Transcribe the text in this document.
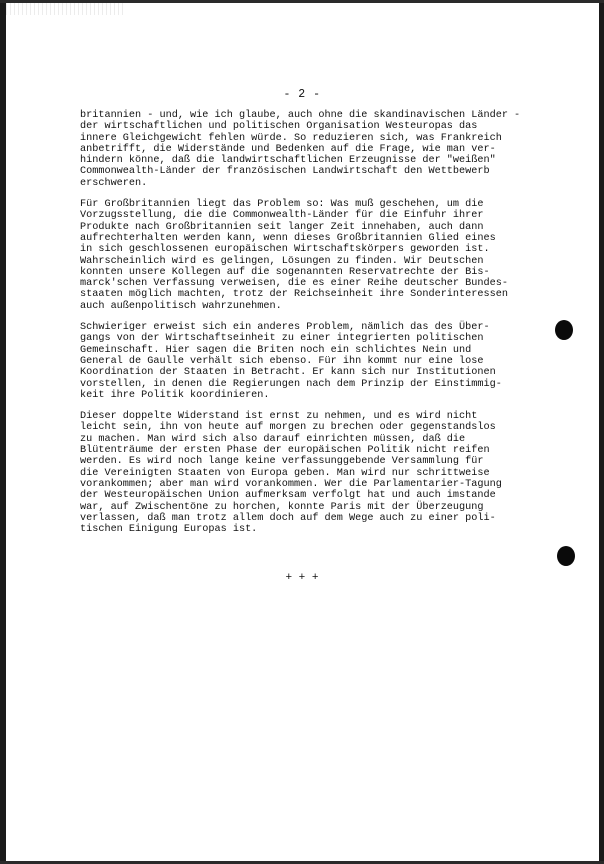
- 2 -
britannien - und, wie ich glaube, auch ohne die skandinavischen Länder -
der wirtschaftlichen und politischen Organisation Westeuropas das
innere Gleichgewicht fehlen würde. So reduzieren sich, was Frankreich
anbetrifft, die Widerstände und Bedenken auf die Frage, wie man ver-
hindern könne, daß die landwirtschaftlichen Erzeugnisse der "weißen"
Commonwealth-Länder der französischen Landwirtschaft den Wettbewerb
erschweren.
Für Großbritannien liegt das Problem so: Was muß geschehen, um die
Vorzugsstellung, die die Commonwealth-Länder für die Einfuhr ihrer
Produkte nach Großbritannien seit langer Zeit innehaben, auch dann
aufrechterhalten werden kann, wenn dieses Großbritannien Glied eines
in sich geschlossenen europäischen Wirtschaftskörpers geworden ist.
Wahrscheinlich wird es gelingen, Lösungen zu finden. Wir Deutschen
konnten unsere Kollegen auf die sogenannten Reservatrechte der Bis-
marck'schen Verfassung verweisen, die es einer Reihe deutscher Bundes-
staaten möglich machten, trotz der Reichseinheit ihre Sonderinteressen
auch außenpolitisch wahrzunehmen.
Schwieriger erweist sich ein anderes Problem, nämlich das des Über-
gangs von der Wirtschaftseinheit zu einer integrierten politischen
Gemeinschaft. Hier sagen die Briten noch ein schlichtes Nein und
General de Gaulle verhält sich ebenso. Für ihn kommt nur eine lose
Koordination der Staaten in Betracht. Er kann sich nur Institutionen
vorstellen, in denen die Regierungen nach dem Prinzip der Einstimmig-
keit ihre Politik koordinieren.
Dieser doppelte Widerstand ist ernst zu nehmen, und es wird nicht
leicht sein, ihn von heute auf morgen zu brechen oder gegenstandslos
zu machen. Man wird sich also darauf einrichten müssen, daß die
Blütenträume der ersten Phase der europäischen Politik nicht reifen
werden. Es wird noch lange keine verfassunggebende Versammlung für
die Vereinigten Staaten von Europa geben. Man wird nur schrittweise
vorankommen; aber man wird vorankommen. Wer die Parlamentarier-Tagung
der Westeuropäischen Union aufmerksam verfolgt hat und auch imstande
war, auf Zwischentöne zu horchen, konnte Paris mit der Überzeugung
verlassen, daß man trotz allem doch auf dem Wege auch zu einer poli-
tischen Einigung Europas ist.
+ + +
